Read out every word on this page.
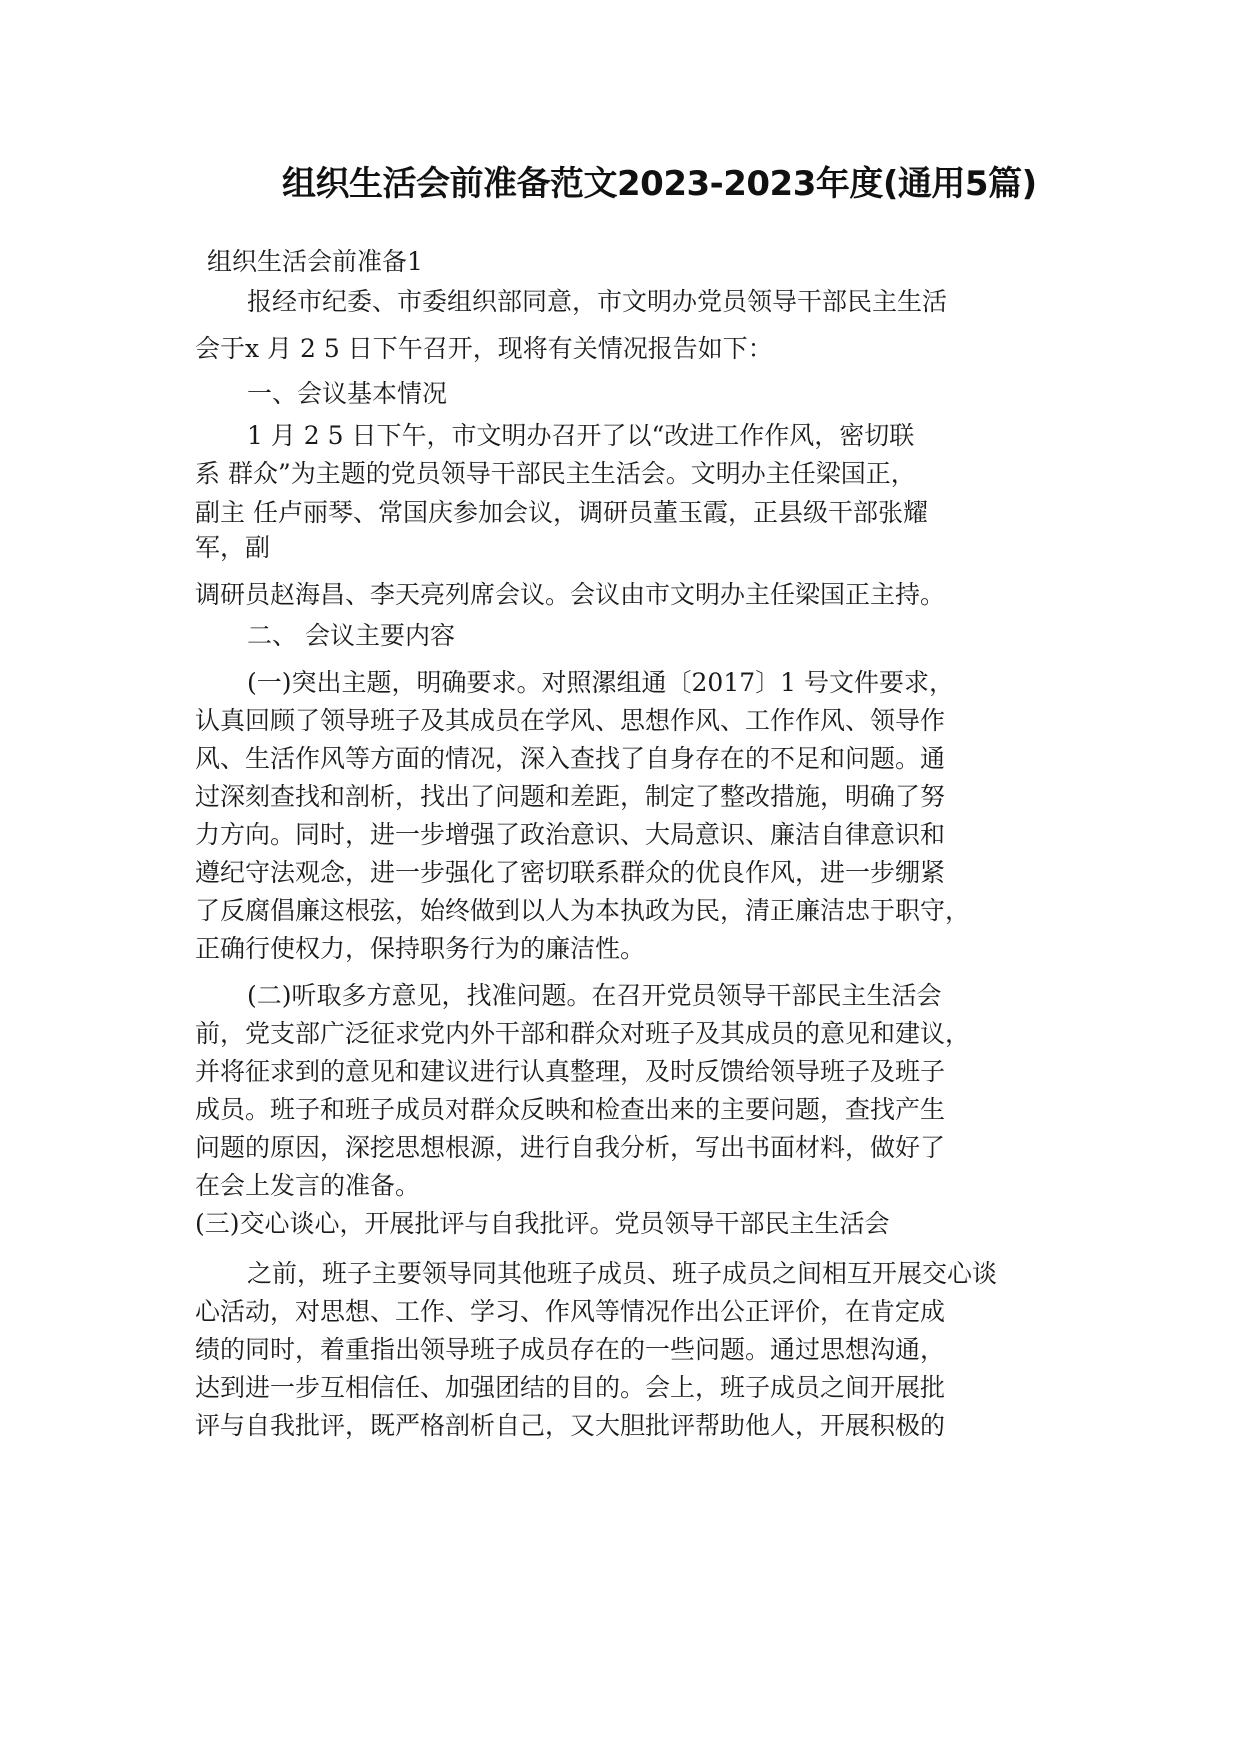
组织生活会前准备范文2023-2023年度(通用5篇)

组织生活会前准备1

报经市纪委、市委组织部同意，市文明办党员领导干部民主生活

会于x 月 2 5 日下午召开，现将有关情况报告如下：

一、会议基本情况

1 月 2 5 日下午，市文明办召开了以“改进工作作风，密切联

系 群众”为主题的党员领导干部民主生活会。文明办主任梁国正，

副主 任卢丽琴、常国庆参加会议，调研员董玉霞，正县级干部张耀

军，副

调研员赵海昌、李天亮列席会议。会议由市文明办主任梁国正主持。

二、 会议主要内容

(一)突出主题，明确要求。对照漯组通〔2017〕1 号文件要求，

认真回顾了领导班子及其成员在学风、思想作风、工作作风、领导作

风、生活作风等方面的情况，深入查找了自身存在的不足和问题。通

过深刻查找和剖析，找出了问题和差距，制定了整改措施，明确了努

力方向。同时，进一步增强了政治意识、大局意识、廉洁自律意识和

遵纪守法观念，进一步强化了密切联系群众的优良作风，进一步绷紧

了反腐倡廉这根弦，始终做到以人为本执政为民，清正廉洁忠于职守，

正确行使权力，保持职务行为的廉洁性。

(二)听取多方意见，找准问题。在召开党员领导干部民主生活会

前，党支部广泛征求党内外干部和群众对班子及其成员的意见和建议，

并将征求到的意见和建议进行认真整理，及时反馈给领导班子及班子

成员。班子和班子成员对群众反映和检查出来的主要问题，查找产生

问题的原因，深挖思想根源，进行自我分析，写出书面材料，做好了

在会上发言的准备。

(三)交心谈心，开展批评与自我批评。党员领导干部民主生活会

之前，班子主要领导同其他班子成员、班子成员之间相互开展交心谈

心活动，对思想、工作、学习、作风等情况作出公正评价，在肯定成

绩的同时，着重指出领导班子成员存在的一些问题。通过思想沟通，

达到进一步互相信任、加强团结的目的。会上，班子成员之间开展批

评与自我批评，既严格剖析自己，又大胆批评帮助他人，开展积极的
